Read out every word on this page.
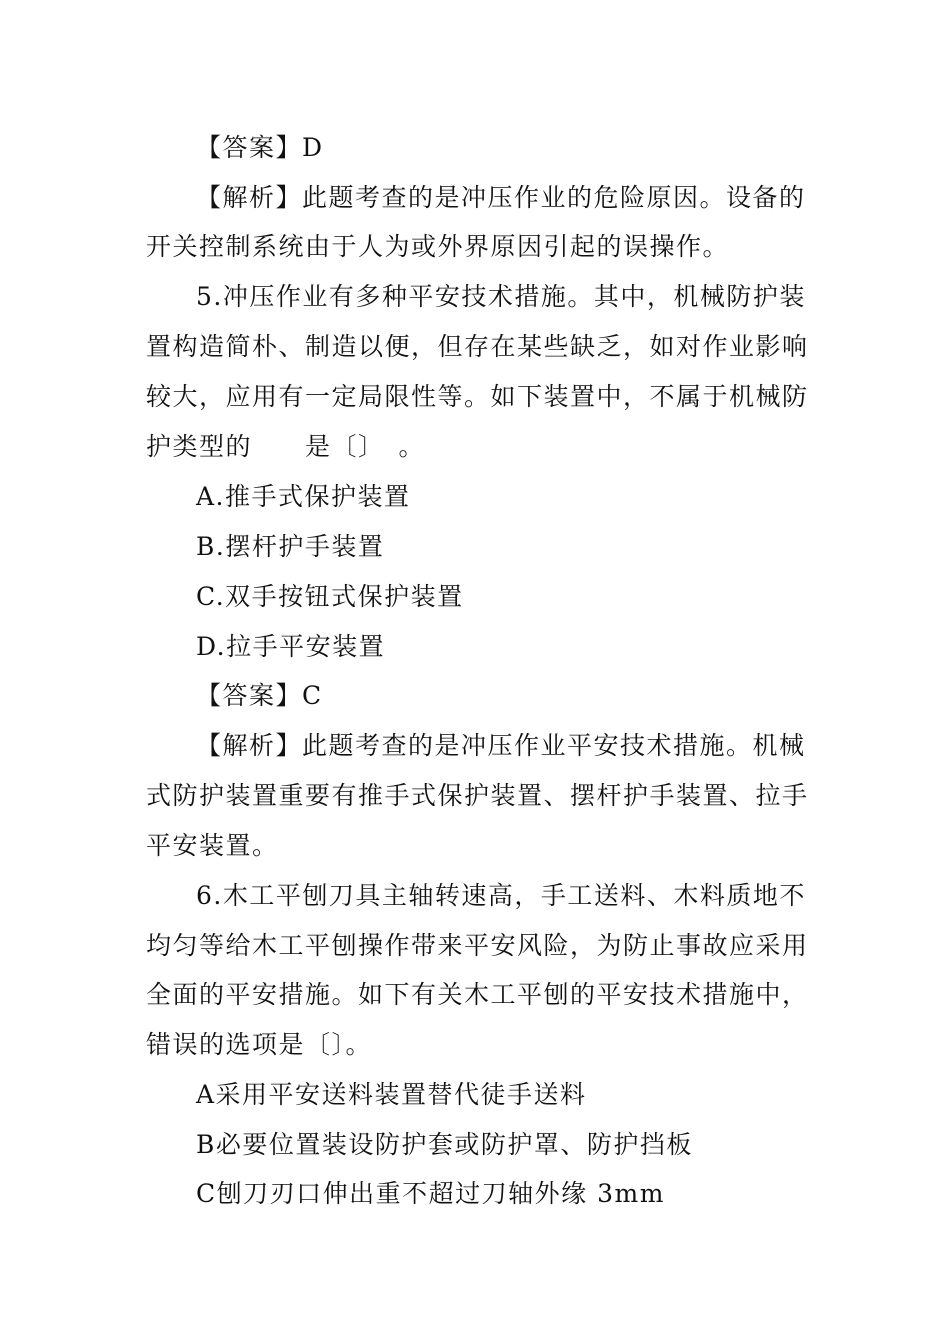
【答案】D
【解析】此题考查的是冲压作业的危险原因。设备的
开关控制系统由于人为或外界原因引起的误操作。
5.冲压作业有多种平安技术措施。其中，机械防护装
置构造简朴、制造以便，但存在某些缺乏，如对作业影响
较大，应用有一定局限性等。如下装置中，不属于机械防
护类型的　　是〔〕　。
A.推手式保护装置
B.摆杆护手装置
C.双手按钮式保护装置
D.拉手平安装置
【答案】C
【解析】此题考查的是冲压作业平安技术措施。机械
式防护装置重要有推手式保护装置、摆杆护手装置、拉手
平安装置。
6.木工平刨刀具主轴转速高，手工送料、木料质地不
均匀等给木工平刨操作带来平安风险，为防止事故应采用
全面的平安措施。如下有关木工平刨的平安技术措施中，
错误的选项是〔〕。
A采用平安送料装置替代徒手送料
B必要位置装设防护套或防护罩、防护挡板
C刨刀刃口伸出重不超过刀轴外缘 3mm
